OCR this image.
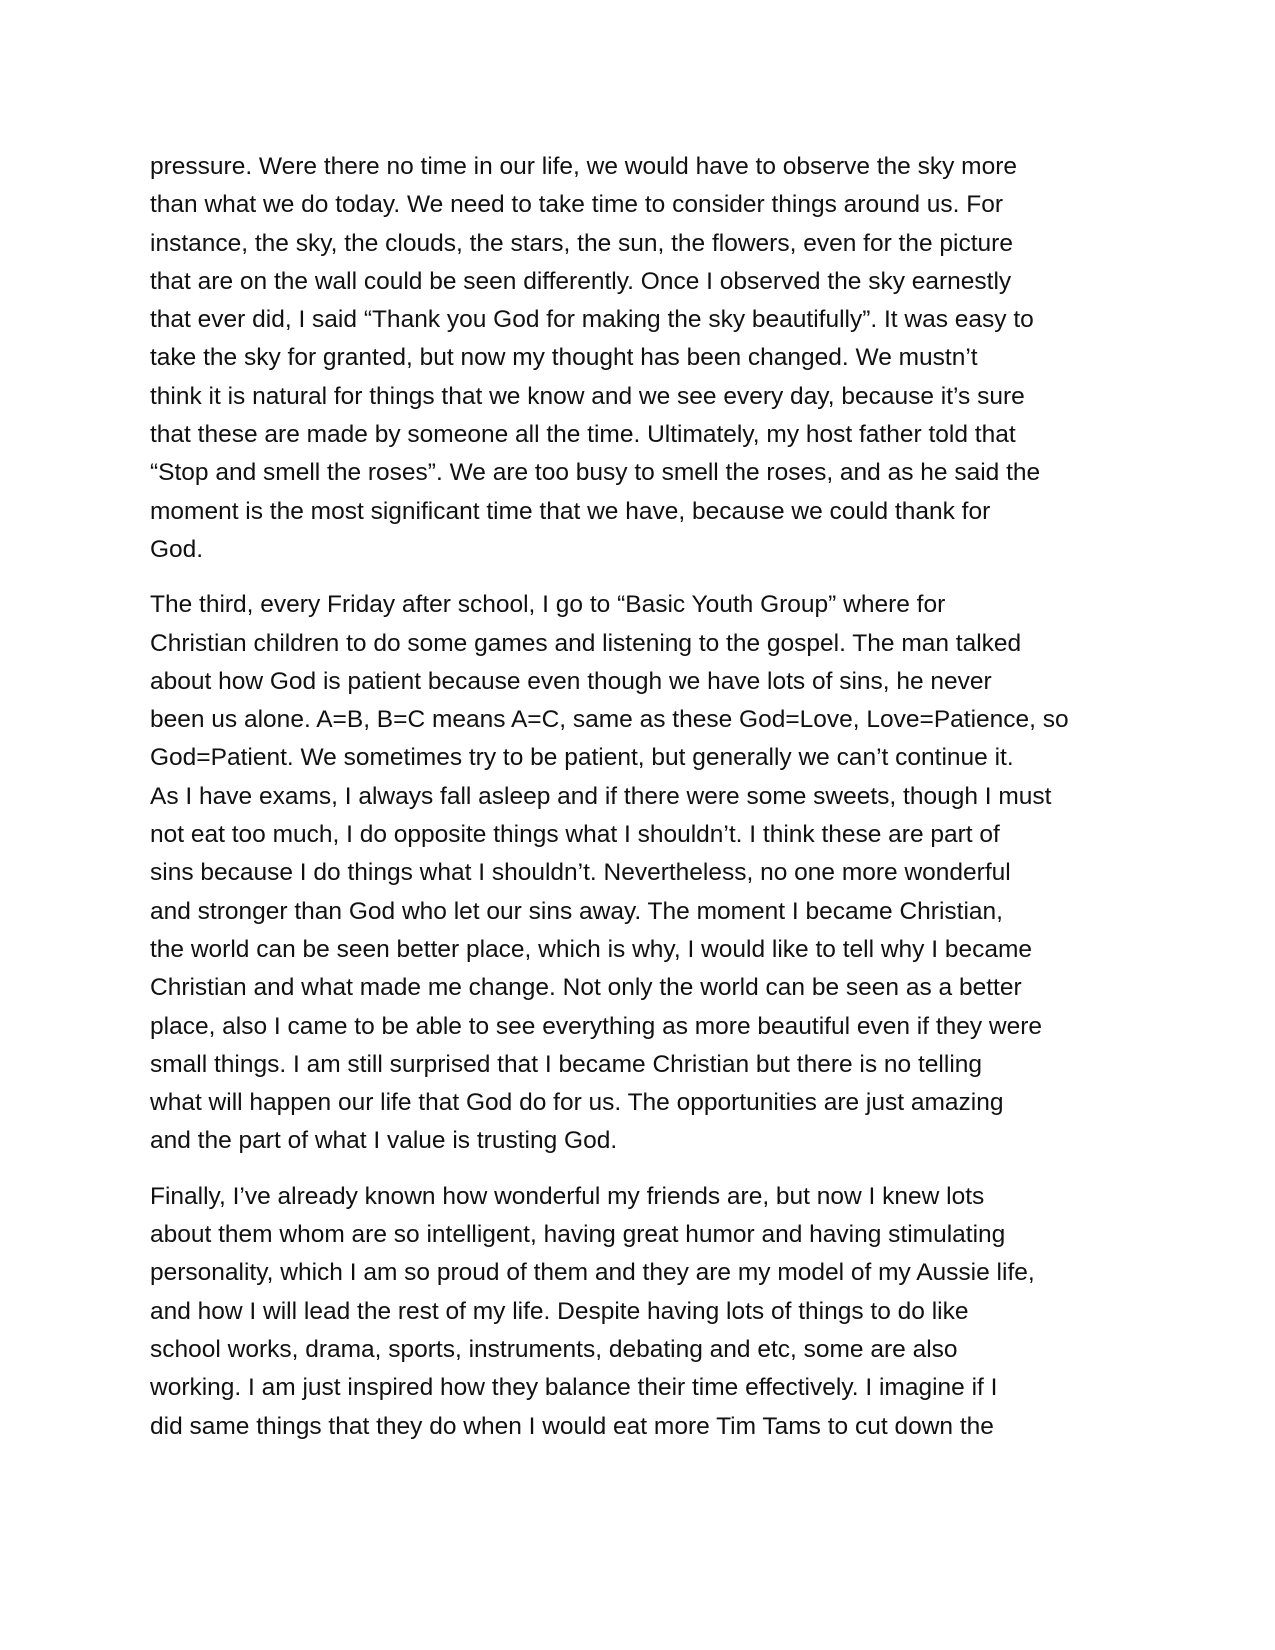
pressure. Were there no time in our life, we would have to observe the sky more
than what we do today. We need to take time to consider things around us. For
instance, the sky, the clouds, the stars, the sun, the flowers, even for the picture
that are on the wall could be seen differently. Once I observed the sky earnestly
that ever did, I said “Thank you God for making the sky beautifully”. It was easy to
take the sky for granted, but now my thought has been changed. We mustn’t
think it is natural for things that we know and we see every day, because it’s sure
that these are made by someone all the time. Ultimately, my host father told that
“Stop and smell the roses”. We are too busy to smell the roses, and as he said the
moment is the most significant time that we have, because we could thank for
God.

The third, every Friday after school, I go to “Basic Youth Group” where for
Christian children to do some games and listening to the gospel. The man talked
about how God is patient because even though we have lots of sins, he never
been us alone. A=B, B=C means A=C, same as these God=Love, Love=Patience, so
God=Patient. We sometimes try to be patient, but generally we can’t continue it.
As I have exams, I always fall asleep and if there were some sweets, though I must
not eat too much, I do opposite things what I shouldn’t. I think these are part of
sins because I do things what I shouldn’t. Nevertheless, no one more wonderful
and stronger than God who let our sins away. The moment I became Christian,
the world can be seen better place, which is why, I would like to tell why I became
Christian and what made me change. Not only the world can be seen as a better
place, also I came to be able to see everything as more beautiful even if they were
small things. I am still surprised that I became Christian but there is no telling
what will happen our life that God do for us. The opportunities are just amazing
and the part of what I value is trusting God.

Finally, I’ve already known how wonderful my friends are, but now I knew lots
about them whom are so intelligent, having great humor and having stimulating
personality, which I am so proud of them and they are my model of my Aussie life,
and how I will lead the rest of my life. Despite having lots of things to do like
school works, drama, sports, instruments, debating and etc, some are also
working. I am just inspired how they balance their time effectively. I imagine if I
did same things that they do when I would eat more Tim Tams to cut down the
